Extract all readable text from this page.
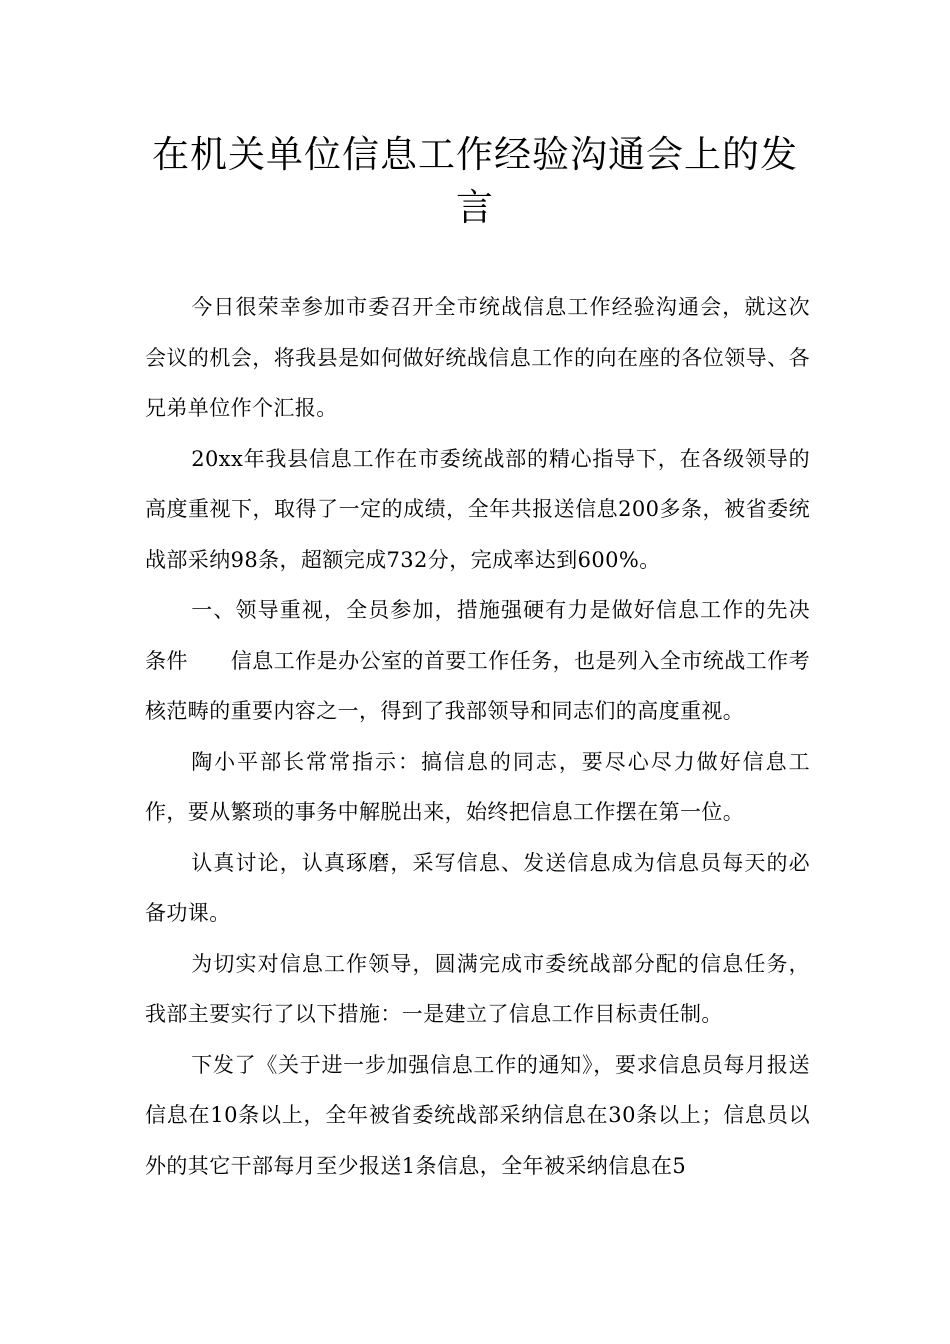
在机关单位信息工作经验沟通会上的发言

今日很荣幸参加市委召开全市统战信息工作经验沟通会，就这次会议的机会，将我县是如何做好统战信息工作的向在座的各位领导、各兄弟单位作个汇报。

20xx年我县信息工作在市委统战部的精心指导下，在各级领导的高度重视下，取得了一定的成绩，全年共报送信息200多条，被省委统战部采纳98条，超额完成732分，完成率达到600%。

一、领导重视，全员参加，措施强硬有力是做好信息工作的先决条件　　信息工作是办公室的首要工作任务，也是列入全市统战工作考核范畴的重要内容之一，得到了我部领导和同志们的高度重视。

陶小平部长常常指示：搞信息的同志，要尽心尽力做好信息工作，要从繁琐的事务中解脱出来，始终把信息工作摆在第一位。

认真讨论，认真琢磨，采写信息、发送信息成为信息员每天的必备功课。

为切实对信息工作领导，圆满完成市委统战部分配的信息任务，我部主要实行了以下措施：一是建立了信息工作目标责任制。

下发了《关于进一步加强信息工作的通知》，要求信息员每月报送信息在10条以上，全年被省委统战部采纳信息在30条以上；信息员以外的其它干部每月至少报送1条信息，全年被采纳信息在5
